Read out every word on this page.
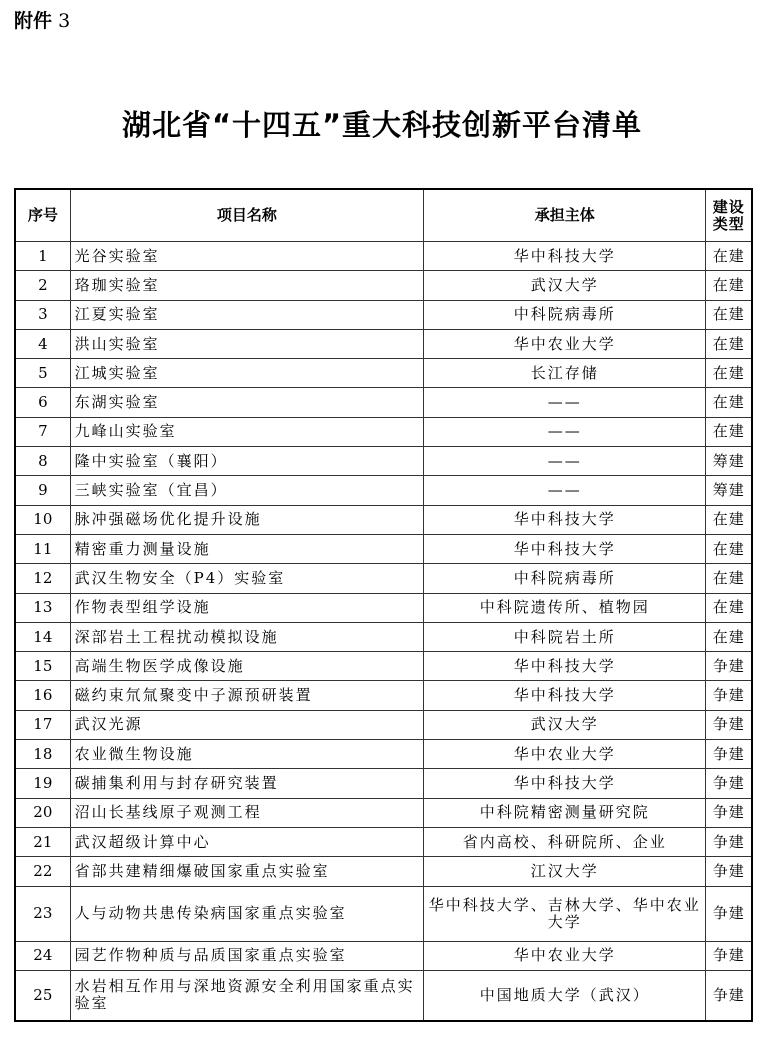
附件 3
湖北省“十四五”重大科技创新平台清单
序号	项目名称	承担主体	建设类型
1	光谷实验室	华中科技大学	在建
2	珞珈实验室	武汉大学	在建
3	江夏实验室	中科院病毒所	在建
4	洪山实验室	华中农业大学	在建
5	江城实验室	长江存储	在建
6	东湖实验室	——	在建
7	九峰山实验室	——	在建
8	隆中实验室（襄阳）	——	筹建
9	三峡实验室（宜昌）	——	筹建
10	脉冲强磁场优化提升设施	华中科技大学	在建
11	精密重力测量设施	华中科技大学	在建
12	武汉生物安全（P4）实验室	中科院病毒所	在建
13	作物表型组学设施	中科院遗传所、植物园	在建
14	深部岩土工程扰动模拟设施	中科院岩土所	在建
15	高端生物医学成像设施	华中科技大学	争建
16	磁约束氘氚聚变中子源预研装置	华中科技大学	争建
17	武汉光源	武汉大学	争建
18	农业微生物设施	华中农业大学	争建
19	碳捕集利用与封存研究装置	华中科技大学	争建
20	沼山长基线原子观测工程	中科院精密测量研究院	争建
21	武汉超级计算中心	省内高校、科研院所、企业	争建
22	省部共建精细爆破国家重点实验室	江汉大学	争建
23	人与动物共患传染病国家重点实验室	华中科技大学、吉林大学、华中农业大学	争建
24	园艺作物种质与品质国家重点实验室	华中农业大学	争建
25	水岩相互作用与深地资源安全利用国家重点实验室	中国地质大学（武汉）	争建
